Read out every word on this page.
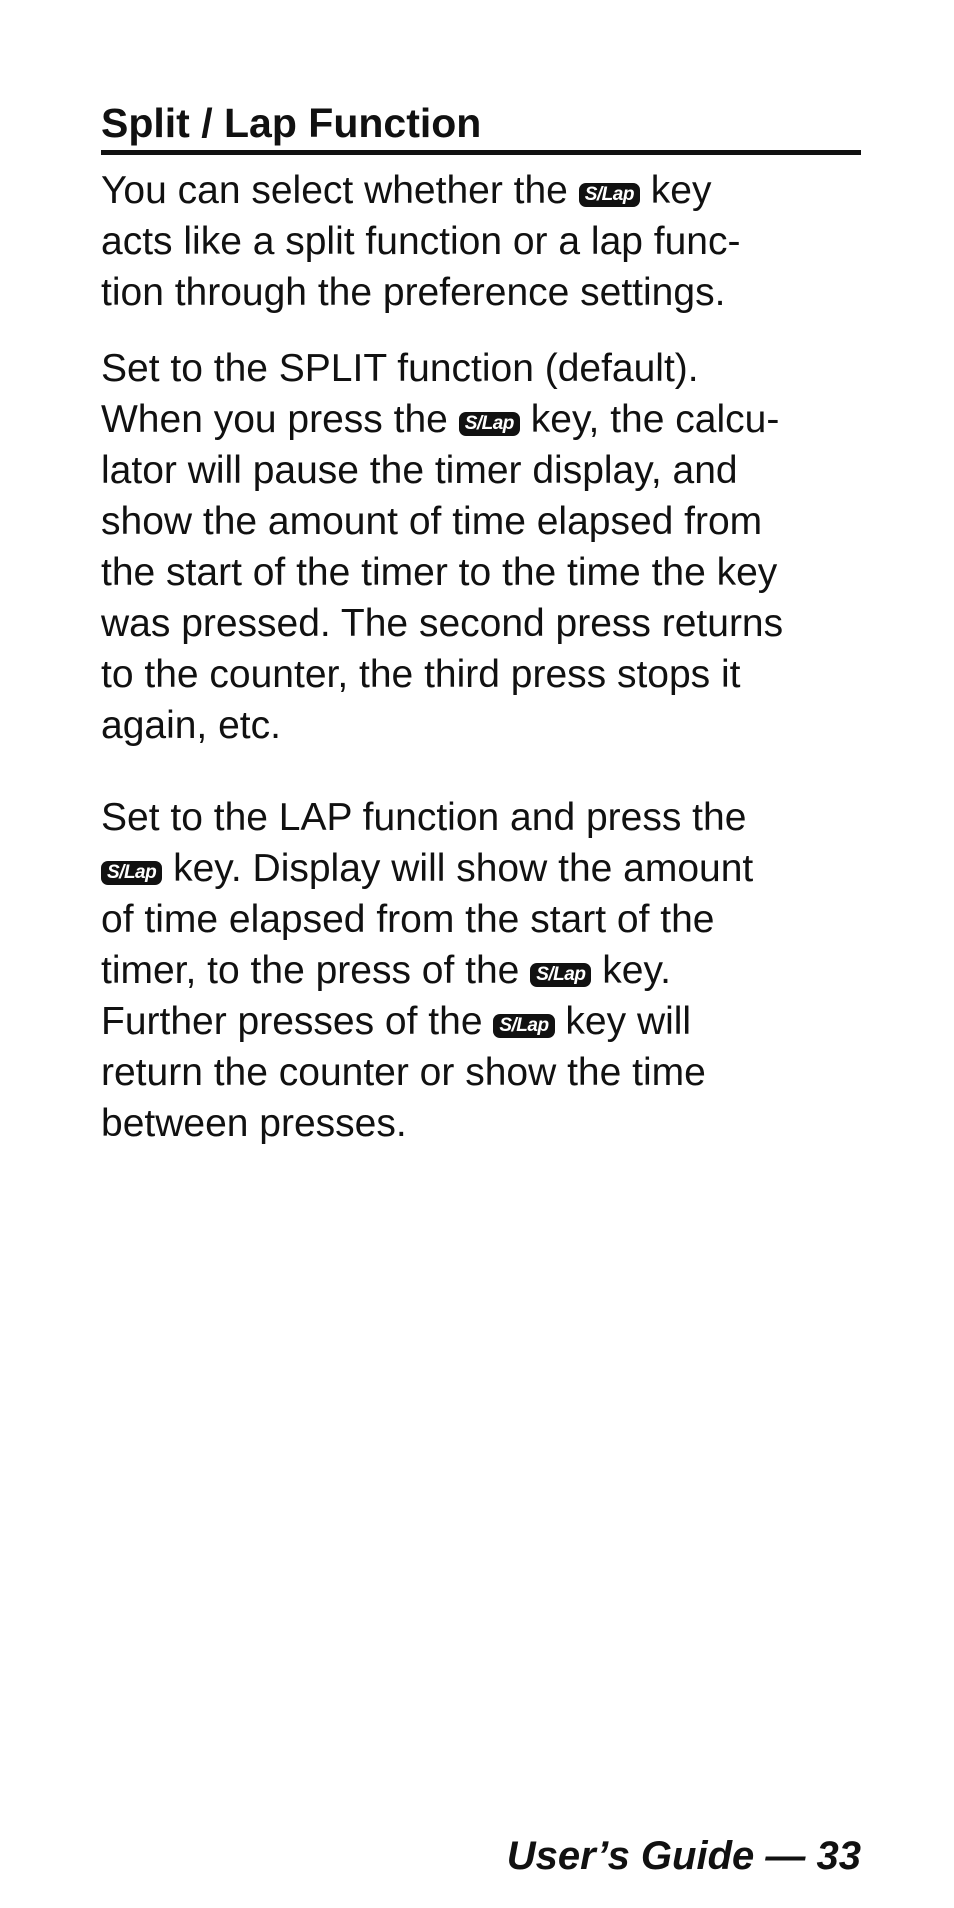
Split / Lap Function

You can select whether the S/Lap key
acts like a split function or a lap func-
tion through the preference settings.

Set to the SPLIT function (default).
When you press the S/Lap key, the calcu-
lator will pause the timer display, and
show the amount of time elapsed from
the start of the timer to the time the key
was pressed. The second press returns
to the counter, the third press stops it
again, etc.

Set to the LAP function and press the
S/Lap key. Display will show the amount
of time elapsed from the start of the
timer, to the press of the S/Lap key.
Further presses of the S/Lap key will
return the counter or show the time
between presses.

User’s Guide — 33
